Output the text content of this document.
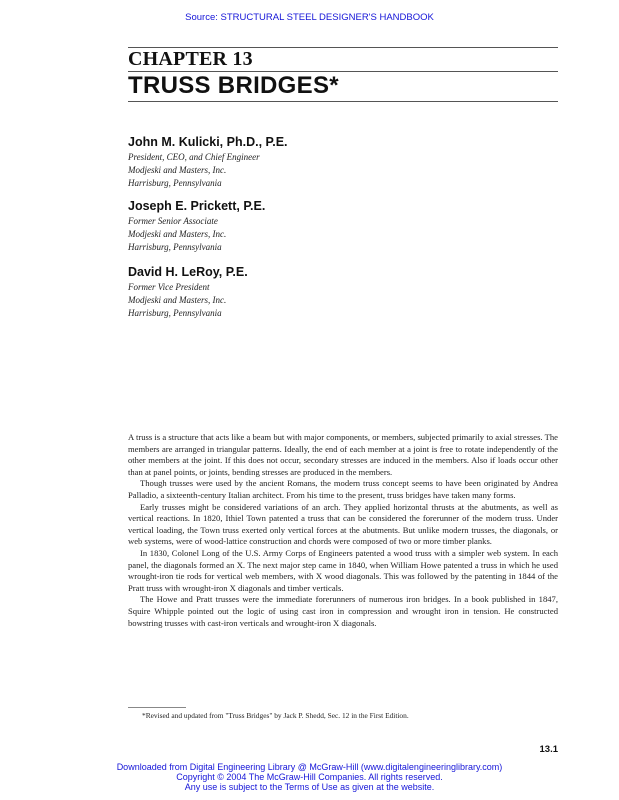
Source: STRUCTURAL STEEL DESIGNER'S HANDBOOK
CHAPTER 13
TRUSS BRIDGES*
John M. Kulicki, Ph.D., P.E.
President, CEO, and Chief Engineer
Modjeski and Masters, Inc.
Harrisburg, Pennsylvania
Joseph E. Prickett, P.E.
Former Senior Associate
Modjeski and Masters, Inc.
Harrisburg, Pennsylvania
David H. LeRoy, P.E.
Former Vice President
Modjeski and Masters, Inc.
Harrisburg, Pennsylvania

A truss is a structure that acts like a beam but with major components, or members, subjected primarily to axial stresses. The members are arranged in triangular patterns. Ideally, the end of each member at a joint is free to rotate independently of the other members at the joint. If this does not occur, secondary stresses are induced in the members. Also if loads occur other than at panel points, or joints, bending stresses are produced in the members.

Though trusses were used by the ancient Romans, the modern truss concept seems to have been originated by Andrea Palladio, a sixteenth-century Italian architect. From his time to the present, truss bridges have taken many forms.

Early trusses might be considered variations of an arch. They applied horizontal thrusts at the abutments, as well as vertical reactions. In 1820, Ithiel Town patented a truss that can be considered the forerunner of the modern truss. Under vertical loading, the Town truss exerted only vertical forces at the abutments. But unlike modern trusses, the diagonals, or web systems, were of wood-lattice construction and chords were composed of two or more timber planks.

In 1830, Colonel Long of the U.S. Army Corps of Engineers patented a wood truss with a simpler web system. In each panel, the diagonals formed an X. The next major step came in 1840, when William Howe patented a truss in which he used wrought-iron tie rods for vertical web members, with X wood diagonals. This was followed by the patenting in 1844 of the Pratt truss with wrought-iron X diagonals and timber verticals.

The Howe and Pratt trusses were the immediate forerunners of numerous iron bridges. In a book published in 1847, Squire Whipple pointed out the logic of using cast iron in compression and wrought iron in tension. He constructed bowstring trusses with cast-iron verticals and wrought-iron X diagonals.

*Revised and updated from "Truss Bridges" by Jack P. Shedd, Sec. 12 in the First Edition.
13.1
Downloaded from Digital Engineering Library @ McGraw-Hill (www.digitalengineeringlibrary.com)
Copyright © 2004 The McGraw-Hill Companies. All rights reserved.
Any use is subject to the Terms of Use as given at the website.
